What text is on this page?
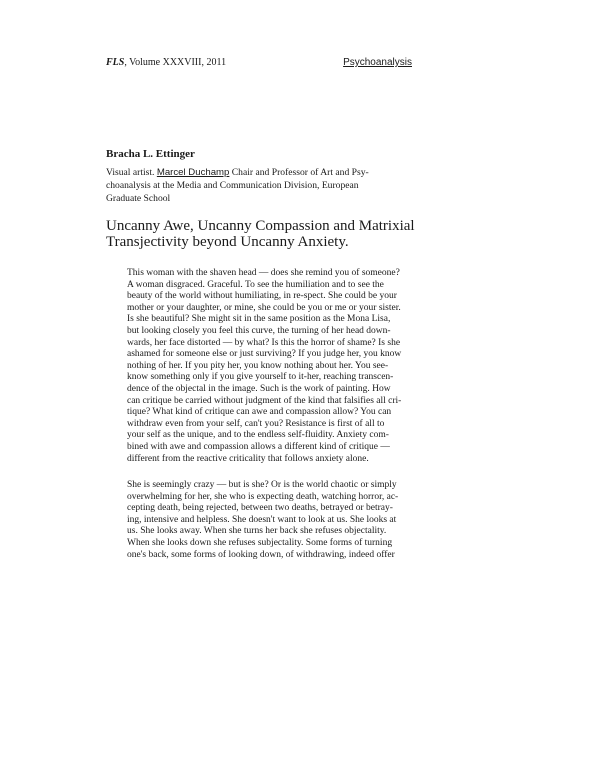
FLS, Volume XXXVIII, 2011	Psychoanalysis
Bracha L. Ettinger
Visual artist. Marcel Duchamp Chair and Professor of Art and Psy-
choanalysis at the Media and Communication Division, European
Graduate School
Uncanny Awe, Uncanny Compassion and Matrixial
Transjectivity beyond Uncanny Anxiety.
This woman with the shaven head — does she remind you of someone?
A woman disgraced. Graceful. To see the humiliation and to see the
beauty of the world without humiliating, in re-spect. She could be your
mother or your daughter, or mine, she could be you or me or your sister.
Is she beautiful? She might sit in the same position as the Mona Lisa,
but looking closely you feel this curve, the turning of her head down-
wards, her face distorted — by what? Is this the horror of shame? Is she
ashamed for someone else or just surviving? If you judge her, you know
nothing of her. If you pity her, you know nothing about her. You see-
know something only if you give yourself to it-her, reaching transcen-
dence of the objectal in the image. Such is the work of painting. How
can critique be carried without judgment of the kind that falsifies all cri-
tique? What kind of critique can awe and compassion allow? You can
withdraw even from your self, can't you? Resistance is first of all to
your self as the unique, and to the endless self-fluidity. Anxiety com-
bined with awe and compassion allows a different kind of critique —
different from the reactive criticality that follows anxiety alone.
She is seemingly crazy — but is she? Or is the world chaotic or simply
overwhelming for her, she who is expecting death, watching horror, ac-
cepting death, being rejected, between two deaths, betrayed or betray-
ing, intensive and helpless. She doesn't want to look at us. She looks at
us. She looks away. When she turns her back she refuses objectality.
When she looks down she refuses subjectality. Some forms of turning
one's back, some forms of looking down, of withdrawing, indeed offer
